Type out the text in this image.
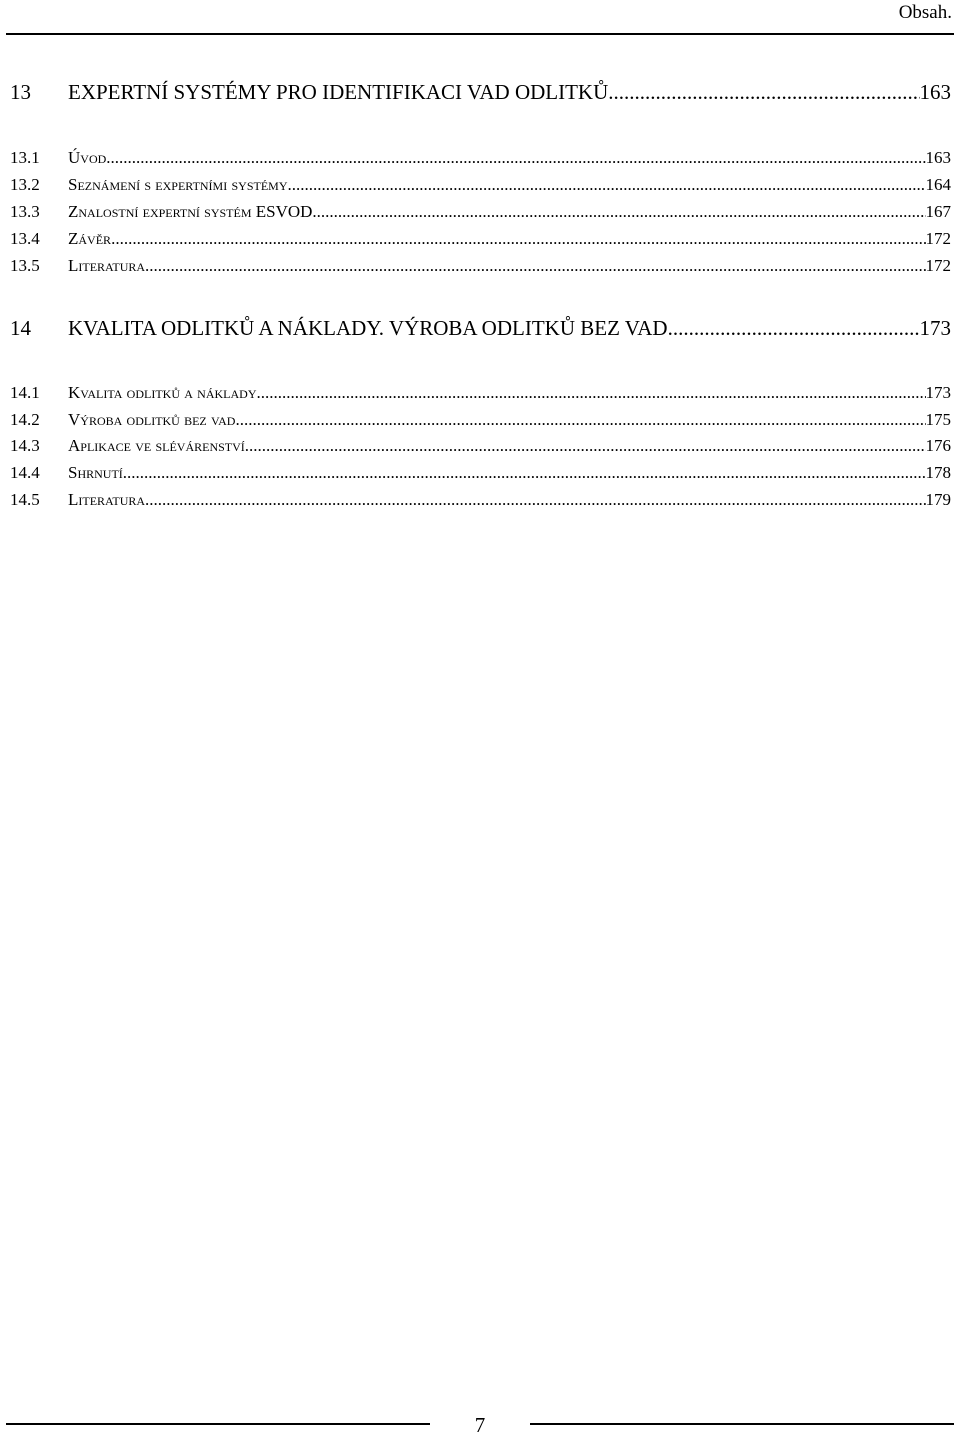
Obsah.
13	EXPERTNÍ SYSTÉMY PRO IDENTIFIKACI VAD ODLITKŮ .....	163
13.1	Úvod .....	163
13.2	Seznámení s expertními systémy .....	164
13.3	Znalostní expertní systém ESVOD .....	167
13.4	Závěr .....	172
13.5	Literatura .....	172
14	KVALITA ODLITKŮ A NÁKLADY. VÝROBA ODLITKŮ BEZ VAD .....	173
14.1	Kvalita odlitků a náklady .....	173
14.2	Výroba odlitků bez vad .....	175
14.3	Aplikace ve slévárenství .....	176
14.4	Shrnutí .....	178
14.5	Literatura .....	179
7
